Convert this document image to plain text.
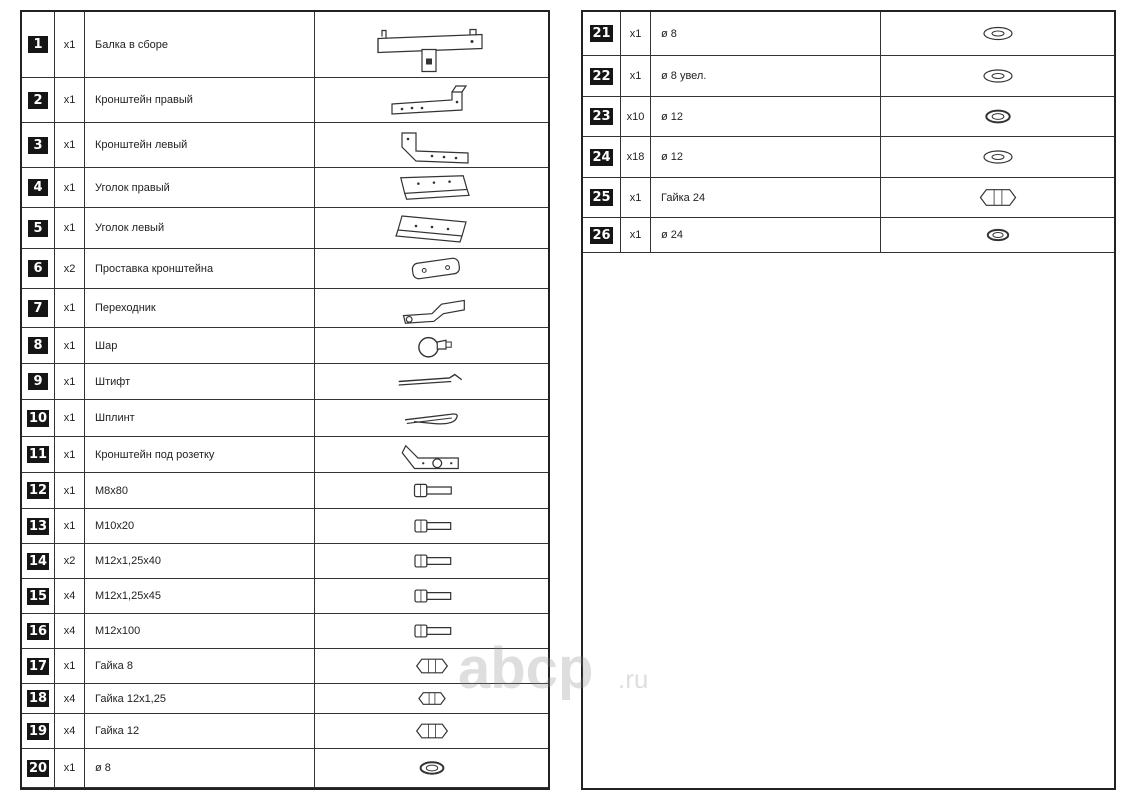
1	x1	Балка в сборе
2	x1	Кронштейн правый
3	x1	Кронштейн левый
4	x1	Уголок правый
5	x1	Уголок левый
6	x2	Проставка кронштейна
7	x1	Переходник
8	x1	Шар
9	x1	Штифт
10	x1	Шплинт
11	x1	Кронштейн под розетку
12	x1	M8x80
13	x1	M10x20
14	x2	M12x1,25x40
15	x4	M12x1,25x45
16	x4	M12x100
17	x1	Гайка 8
18	x4	Гайка 12x1,25
19	x4	Гайка 12
20	x1	ø 8
21	x1	ø 8
22	x1	ø 8 увел.
23	x10	ø 12
24	x18	ø 12
25	x1	Гайка 24
26	x1	ø 24
abcp .ru
